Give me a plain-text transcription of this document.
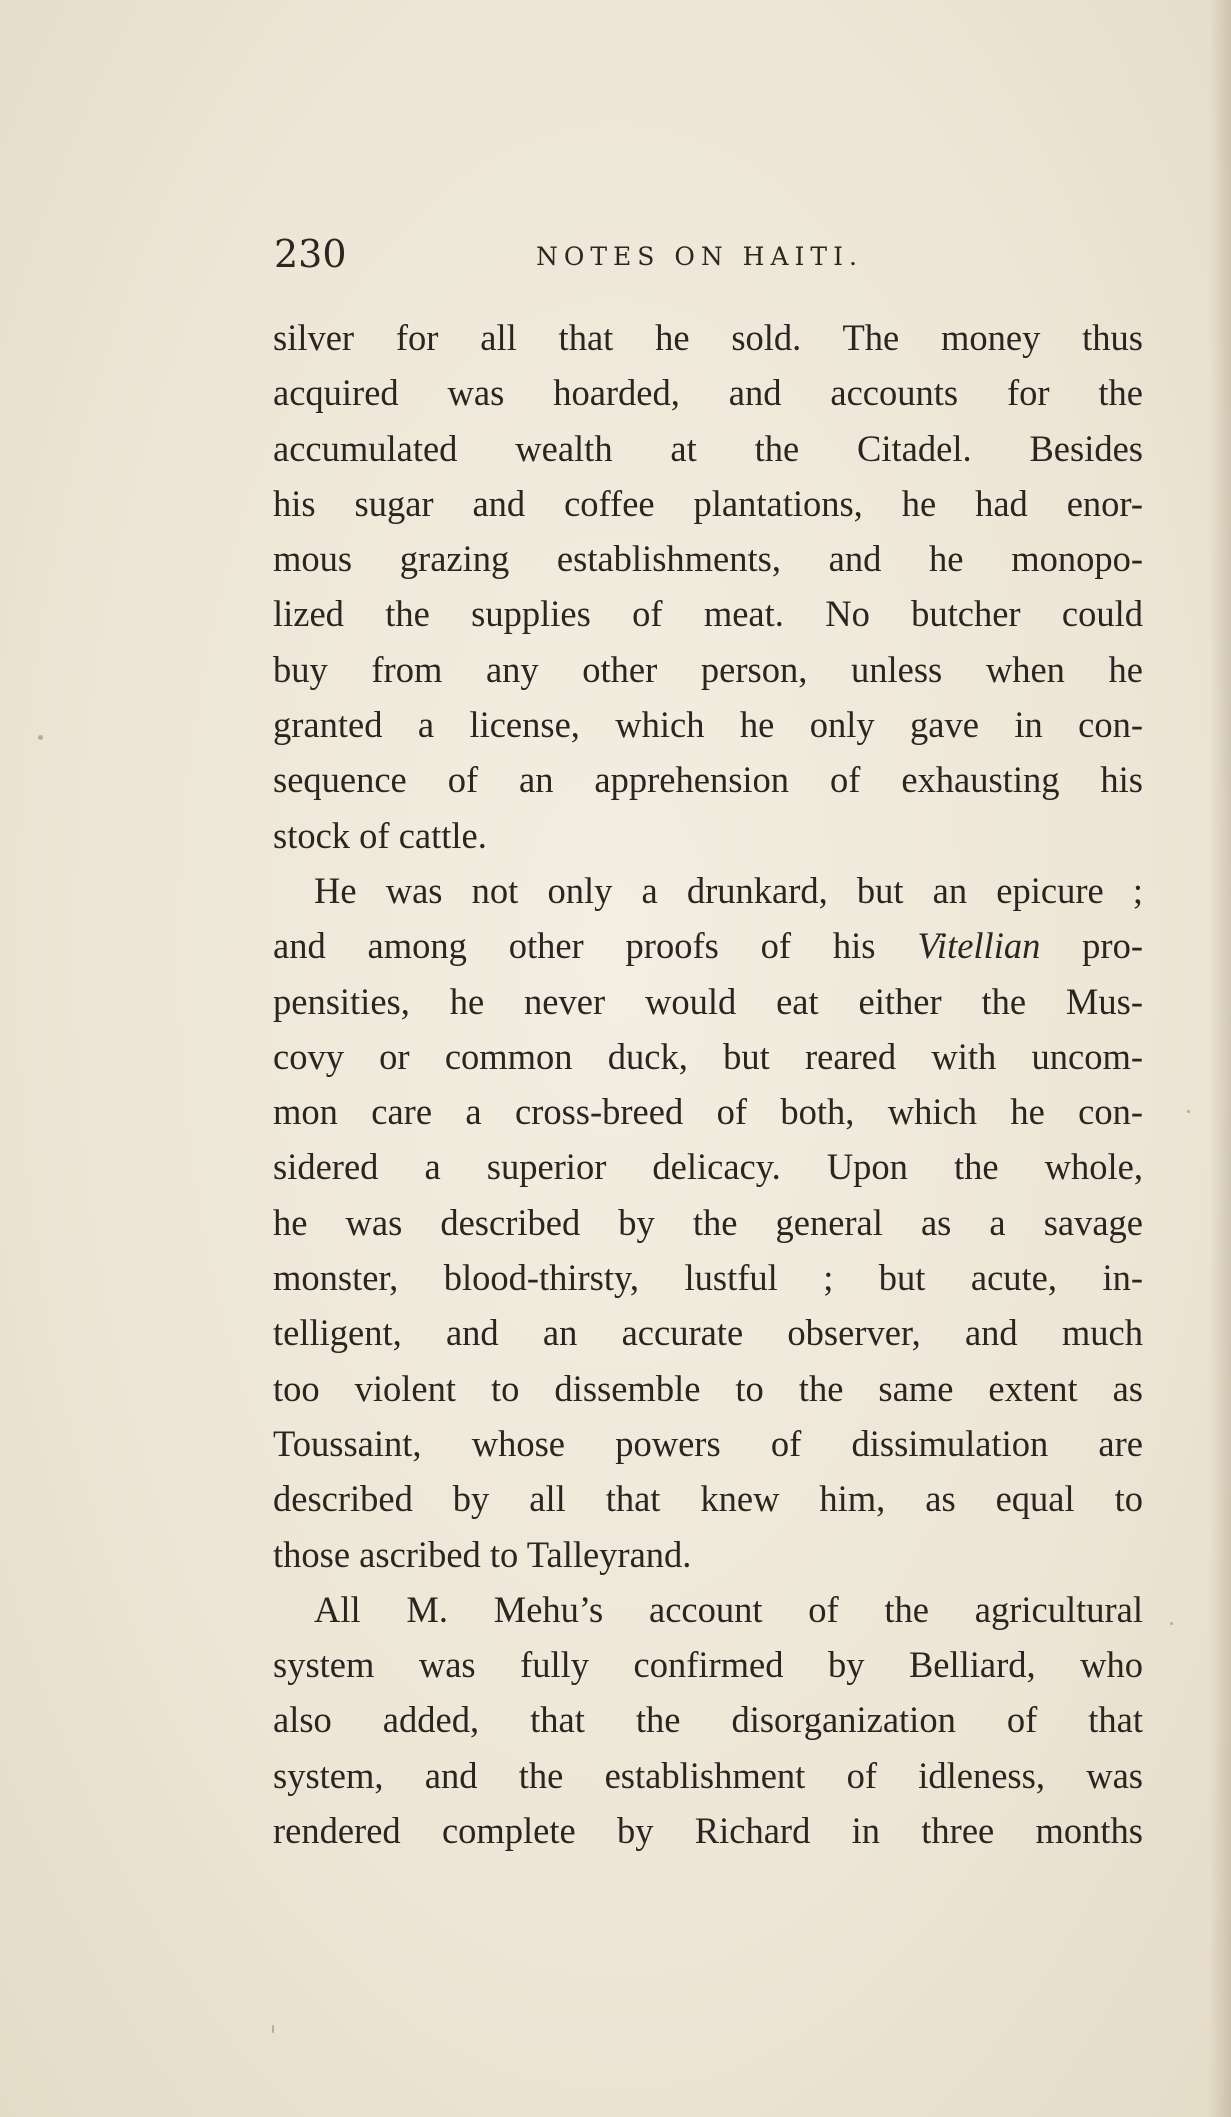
230	NOTES ON HAITI.
silver for all that he sold. The money thus
acquired was hoarded, and accounts for the
accumulated wealth at the Citadel. Besides
his sugar and coffee plantations, he had enor-
mous grazing establishments, and he monopo-
lized the supplies of meat. No butcher could
buy from any other person, unless when he
granted a license, which he only gave in con-
sequence of an apprehension of exhausting his
stock of cattle.
He was not only a drunkard, but an epicure ;
and among other proofs of his Vitellian pro-
pensities, he never would eat either the Mus-
covy or common duck, but reared with uncom-
mon care a cross-breed of both, which he con-
sidered a superior delicacy. Upon the whole,
he was described by the general as a savage
monster, blood-thirsty, lustful ; but acute, in-
telligent, and an accurate observer, and much
too violent to dissemble to the same extent as
Toussaint, whose powers of dissimulation are
described by all that knew him, as equal to
those ascribed to Talleyrand.
All M. Mehu’s account of the agricultural
system was fully confirmed by Belliard, who
also added, that the disorganization of that
system, and the establishment of idleness, was
rendered complete by Richard in three months
